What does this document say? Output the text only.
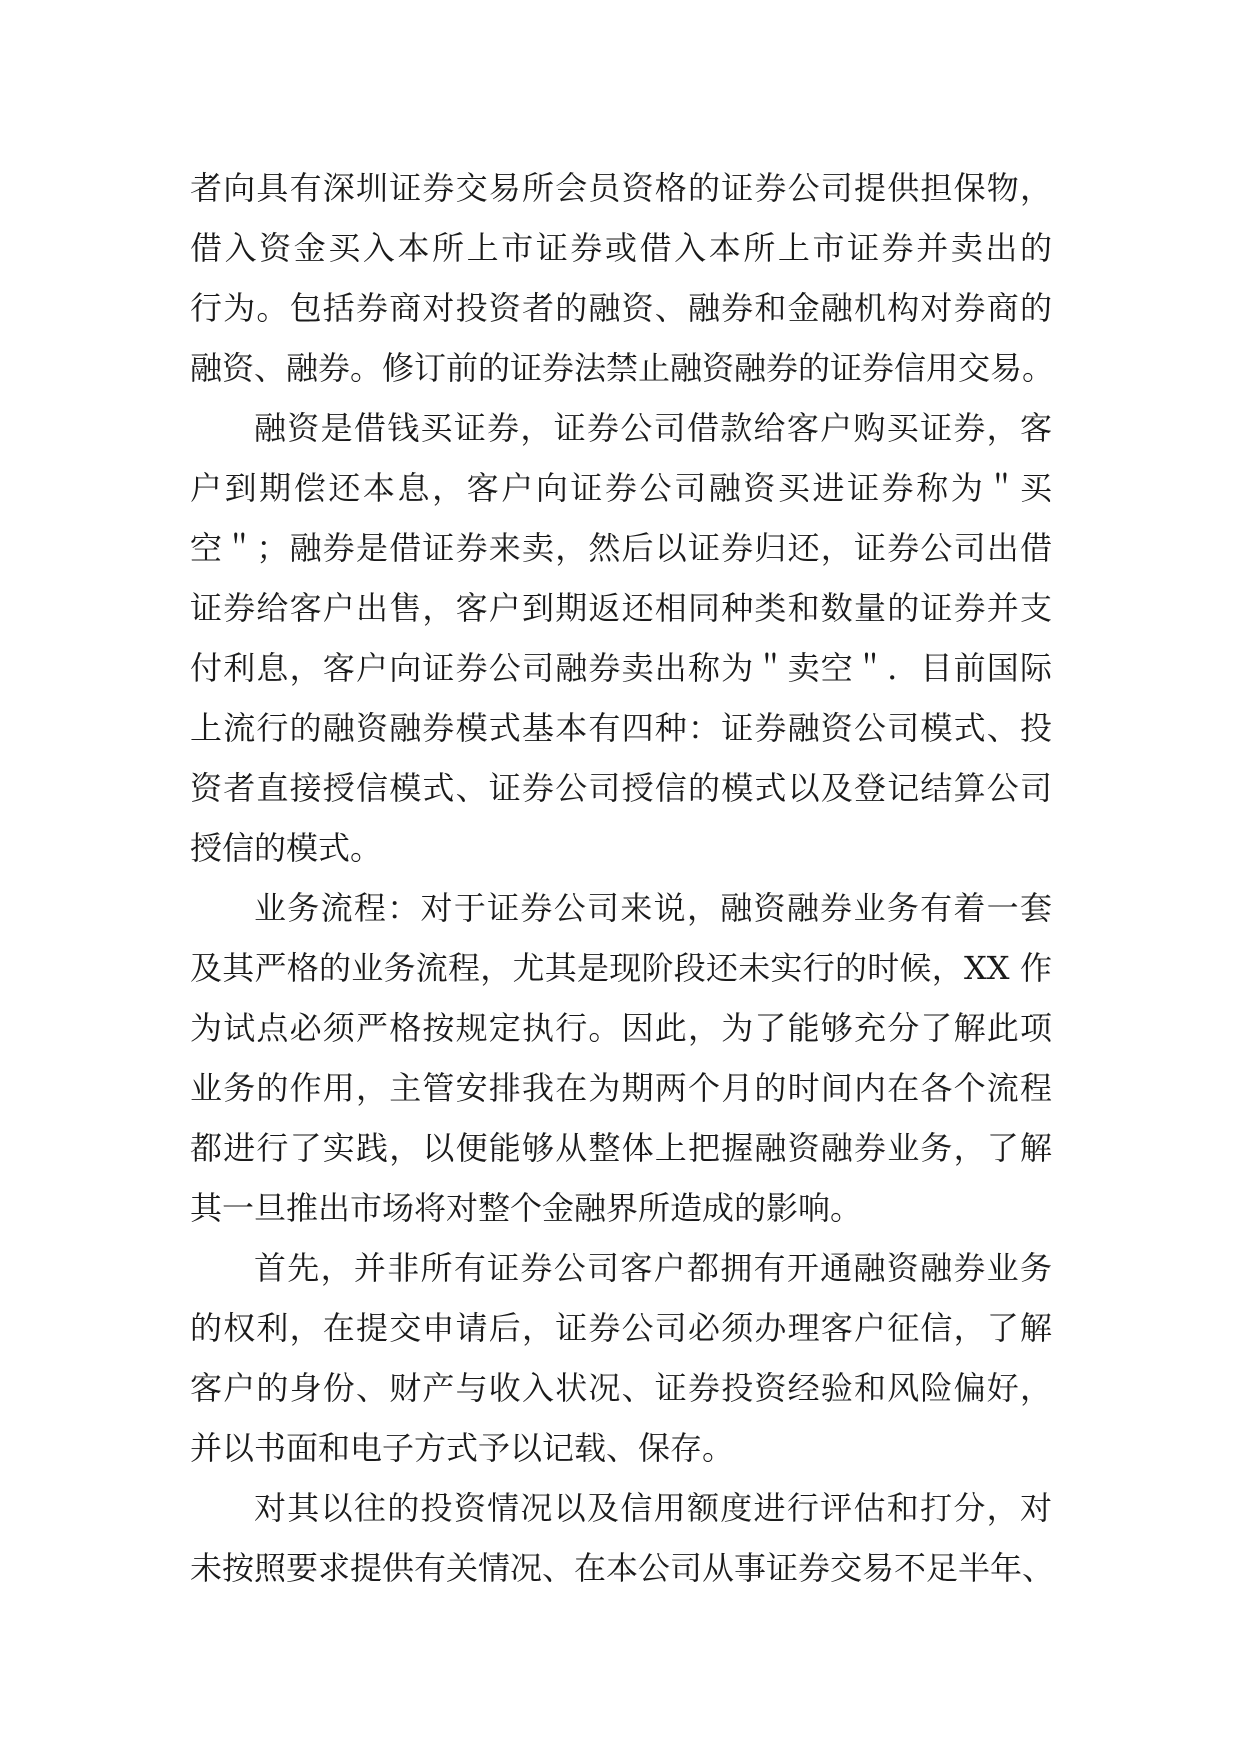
者向具有深圳证券交易所会员资格的证券公司提供担保物，
借入资金买入本所上市证券或借入本所上市证券并卖出的
行为。包括券商对投资者的融资、融券和金融机构对券商的
融资、融券。修订前的证券法禁止融资融券的证券信用交易。
融资是借钱买证券，证券公司借款给客户购买证券，客
户到期偿还本息，客户向证券公司融资买进证券称为＂买
空＂；融券是借证券来卖，然后以证券归还，证券公司出借
证券给客户出售，客户到期返还相同种类和数量的证券并支
付利息，客户向证券公司融券卖出称为＂卖空＂．目前国际
上流行的融资融券模式基本有四种：证券融资公司模式、投
资者直接授信模式、证券公司授信的模式以及登记结算公司
授信的模式。
业务流程：对于证券公司来说，融资融券业务有着一套
及其严格的业务流程，尤其是现阶段还未实行的时候，XX 作
为试点必须严格按规定执行。因此，为了能够充分了解此项
业务的作用，主管安排我在为期两个月的时间内在各个流程
都进行了实践，以便能够从整体上把握融资融券业务，了解
其一旦推出市场将对整个金融界所造成的影响。
首先，并非所有证券公司客户都拥有开通融资融券业务
的权利，在提交申请后，证券公司必须办理客户征信，了解
客户的身份、财产与收入状况、证券投资经验和风险偏好，
并以书面和电子方式予以记载、保存。
对其以往的投资情况以及信用额度进行评估和打分，对
未按照要求提供有关情况、在本公司从事证券交易不足半年、
